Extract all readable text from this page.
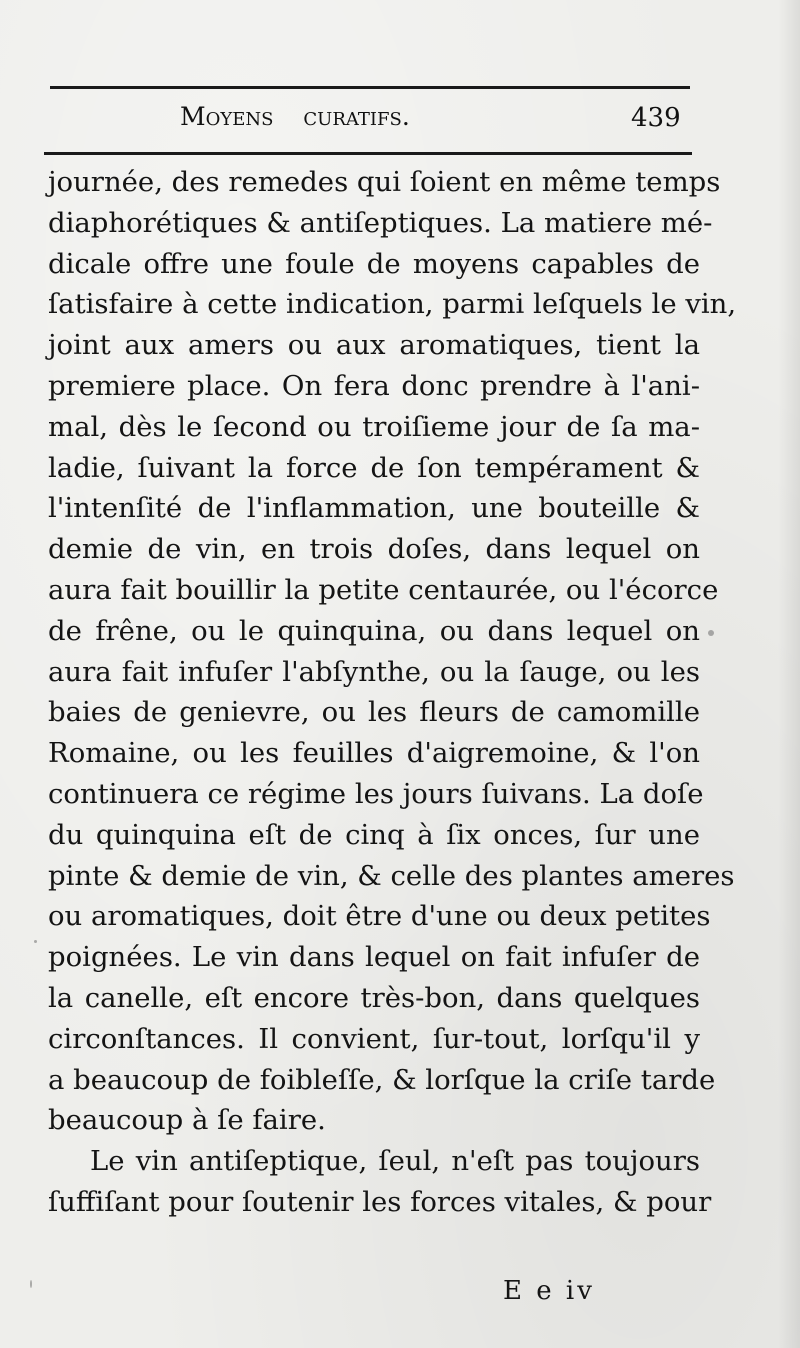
Moyens curatifs.	439
journée, des remedes qui ſoient en même temps
diaphorétiques & antiſeptiques. La matiere mé-
dicale offre une foule de moyens capables de
ſatisfaire à cette indication, parmi leſquels le vin,
joint aux amers ou aux aromatiques, tient la
premiere place. On fera donc prendre à l'ani-
mal, dès le ſecond ou troiſieme jour de ſa ma-
ladie, ſuivant la force de ſon tempérament &
l'intenſité de l'inflammation, une bouteille &
demie de vin, en trois doſes, dans lequel on
aura fait bouillir la petite centaurée, ou l'écorce
de frêne, ou le quinquina, ou dans lequel on
aura fait infuſer l'abſynthe, ou la ſauge, ou les
baies de genievre, ou les fleurs de camomille
Romaine, ou les feuilles d'aigremoine, & l'on
continuera ce régime les jours ſuivans. La doſe
du quinquina eſt de cinq à ſix onces, ſur une
pinte & demie de vin, & celle des plantes ameres
ou aromatiques, doit être d'une ou deux petites
poignées. Le vin dans lequel on fait infuſer de
la canelle, eſt encore très-bon, dans quelques
circonſtances. Il convient, ſur-tout, lorſqu'il y
a beaucoup de foibleſſe, & lorſque la criſe tarde
beaucoup à ſe faire.
Le vin antiſeptique, ſeul, n'eſt pas toujours
ſuffiſant pour ſoutenir les forces vitales, & pour
E e iv
